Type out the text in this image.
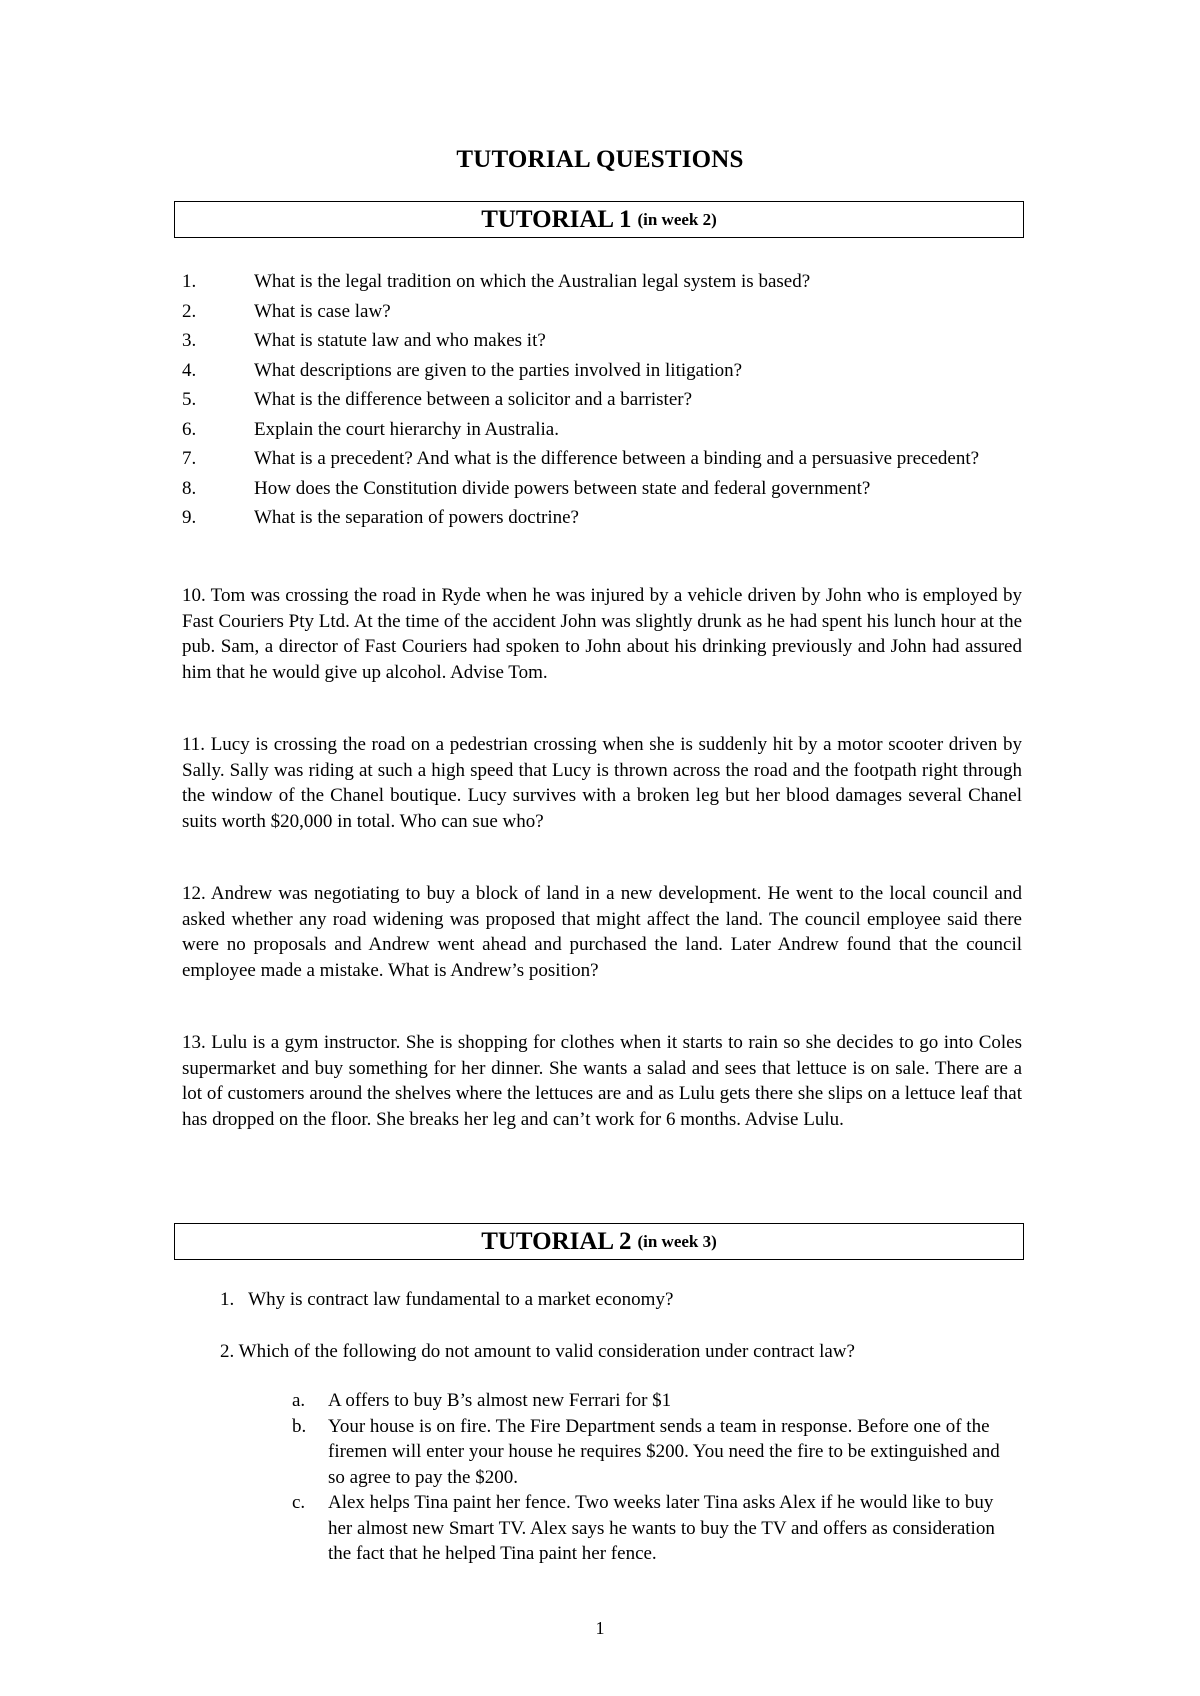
TUTORIAL QUESTIONS
TUTORIAL 1 (in week 2)
1.	What is the legal tradition on which the Australian legal system is based?
2.	What is case law?
3.	What is statute law and who makes it?
4.	What descriptions are given to the parties involved in litigation?
5.	What is the difference between a solicitor and a barrister?
6.	Explain the court hierarchy in Australia.
7.	What is a precedent? And what is the difference between a binding and a persuasive precedent?
8.	How does the Constitution divide powers between state and federal government?
9.	What is the separation of powers doctrine?

10. Tom was crossing the road in Ryde when he was injured by a vehicle driven by John who is employed by Fast Couriers Pty Ltd. At the time of the accident John was slightly drunk as he had spent his lunch hour at the pub. Sam, a director of Fast Couriers had spoken to John about his drinking previously and John had assured him that he would give up alcohol. Advise Tom.

11. Lucy is crossing the road on a pedestrian crossing when she is suddenly hit by a motor scooter driven by Sally. Sally was riding at such a high speed that Lucy is thrown across the road and the footpath right through the window of the Chanel boutique. Lucy survives with a broken leg but her blood damages several Chanel suits worth $20,000 in total. Who can sue who?

12. Andrew was negotiating to buy a block of land in a new development. He went to the local council and asked whether any road widening was proposed that might affect the land. The council employee said there were no proposals and Andrew went ahead and purchased the land. Later Andrew found that the council employee made a mistake. What is Andrew’s position?

13. Lulu is a gym instructor. She is shopping for clothes when it starts to rain so she decides to go into Coles supermarket and buy something for her dinner. She wants a salad and sees that lettuce is on sale. There are a lot of customers around the shelves where the lettuces are and as Lulu gets there she slips on a lettuce leaf that has dropped on the floor. She breaks her leg and can’t work for 6 months. Advise Lulu.

TUTORIAL 2 (in week 3)

1.   Why is contract law fundamental to a market economy?

2. Which of the following do not amount to valid consideration under contract law?

a.	A offers to buy B’s almost new Ferrari for $1
b.	Your house is on fire. The Fire Department sends a team in response. Before one of the firemen will enter your house he requires $200. You need the fire to be extinguished and so agree to pay the $200.
c.	Alex helps Tina paint her fence. Two weeks later Tina asks Alex if he would like to buy her almost new Smart TV. Alex says he wants to buy the TV and offers as consideration the fact that he helped Tina paint her fence.
1
